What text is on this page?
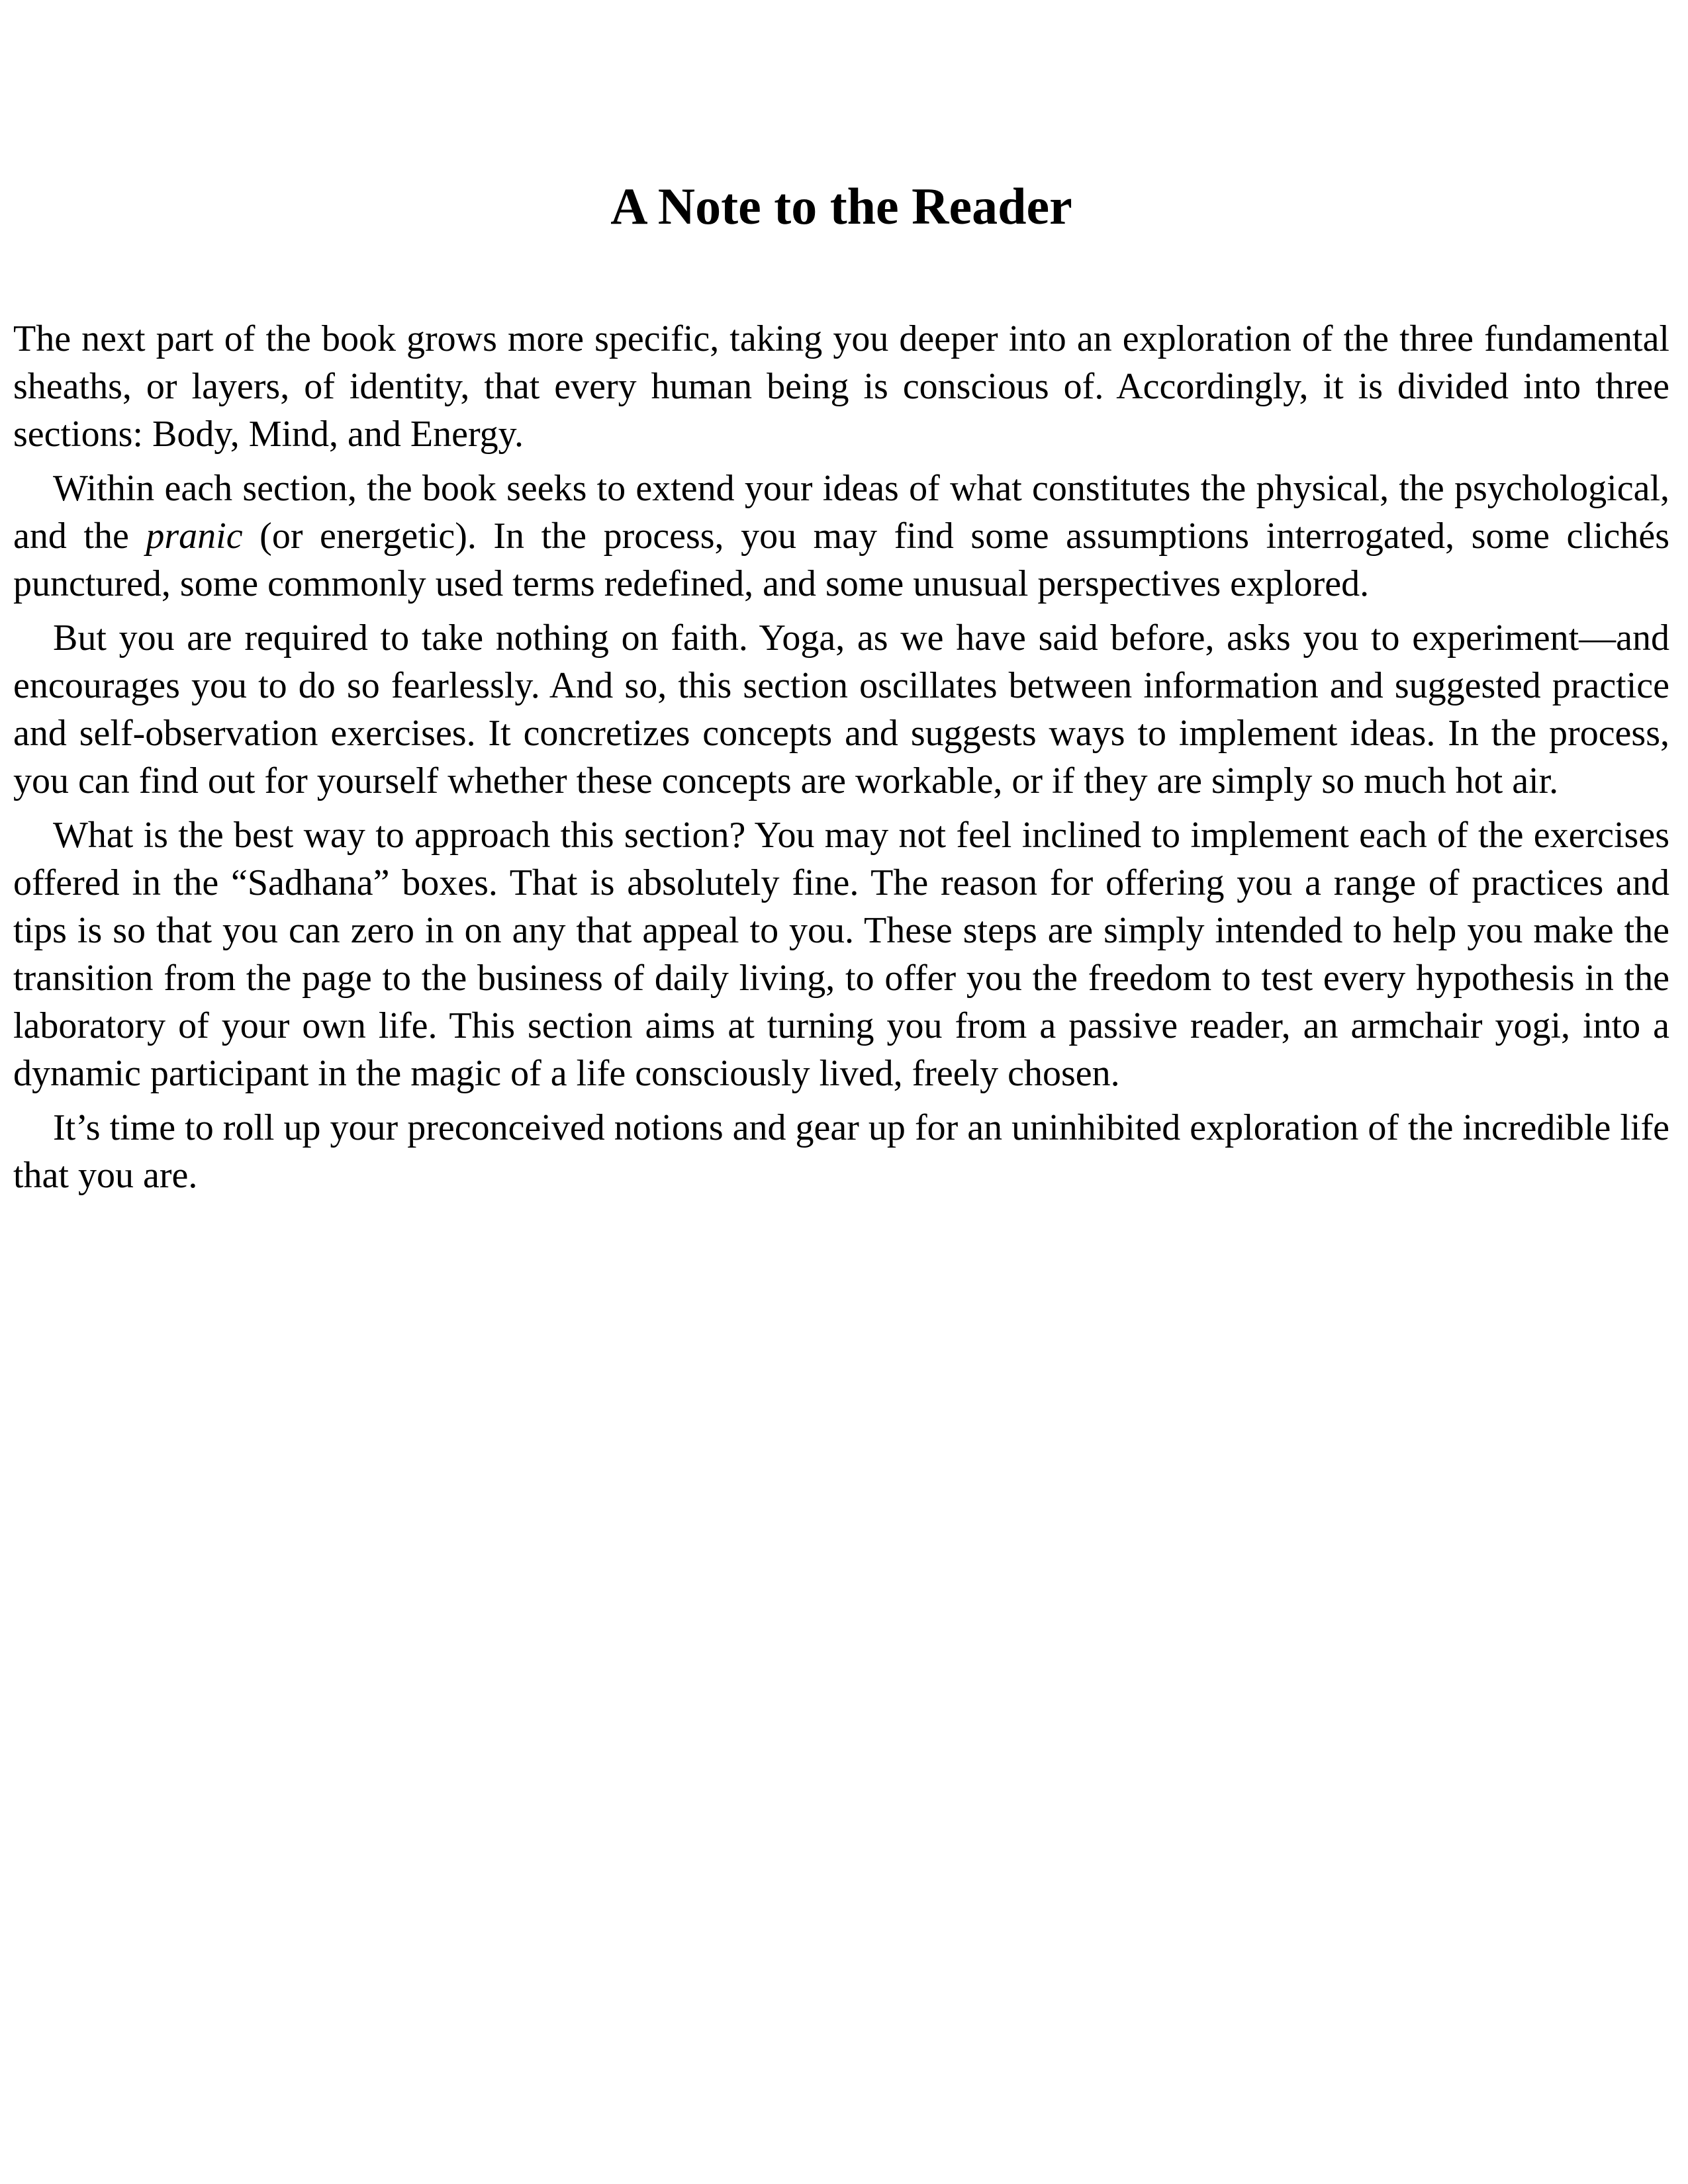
A Note to the Reader

The next part of the book grows more specific, taking you deeper into an exploration of the three fundamental sheaths, or layers, of identity, that every human being is conscious of. Accordingly, it is divided into three sections: Body, Mind, and Energy.

Within each section, the book seeks to extend your ideas of what constitutes the physical, the psychological, and the pranic (or energetic). In the process, you may find some assumptions interrogated, some clichés punctured, some commonly used terms redefined, and some unusual perspectives explored.

But you are required to take nothing on faith. Yoga, as we have said before, asks you to experiment—and encourages you to do so fearlessly. And so, this section oscillates between information and suggested practice and self-observation exercises. It concretizes concepts and suggests ways to implement ideas. In the process, you can find out for yourself whether these concepts are workable, or if they are simply so much hot air.

What is the best way to approach this section? You may not feel inclined to implement each of the exercises offered in the “Sadhana” boxes. That is absolutely fine. The reason for offering you a range of practices and tips is so that you can zero in on any that appeal to you. These steps are simply intended to help you make the transition from the page to the business of daily living, to offer you the freedom to test every hypothesis in the laboratory of your own life. This section aims at turning you from a passive reader, an armchair yogi, into a dynamic participant in the magic of a life consciously lived, freely chosen.

It’s time to roll up your preconceived notions and gear up for an uninhibited exploration of the incredible life that you are.
